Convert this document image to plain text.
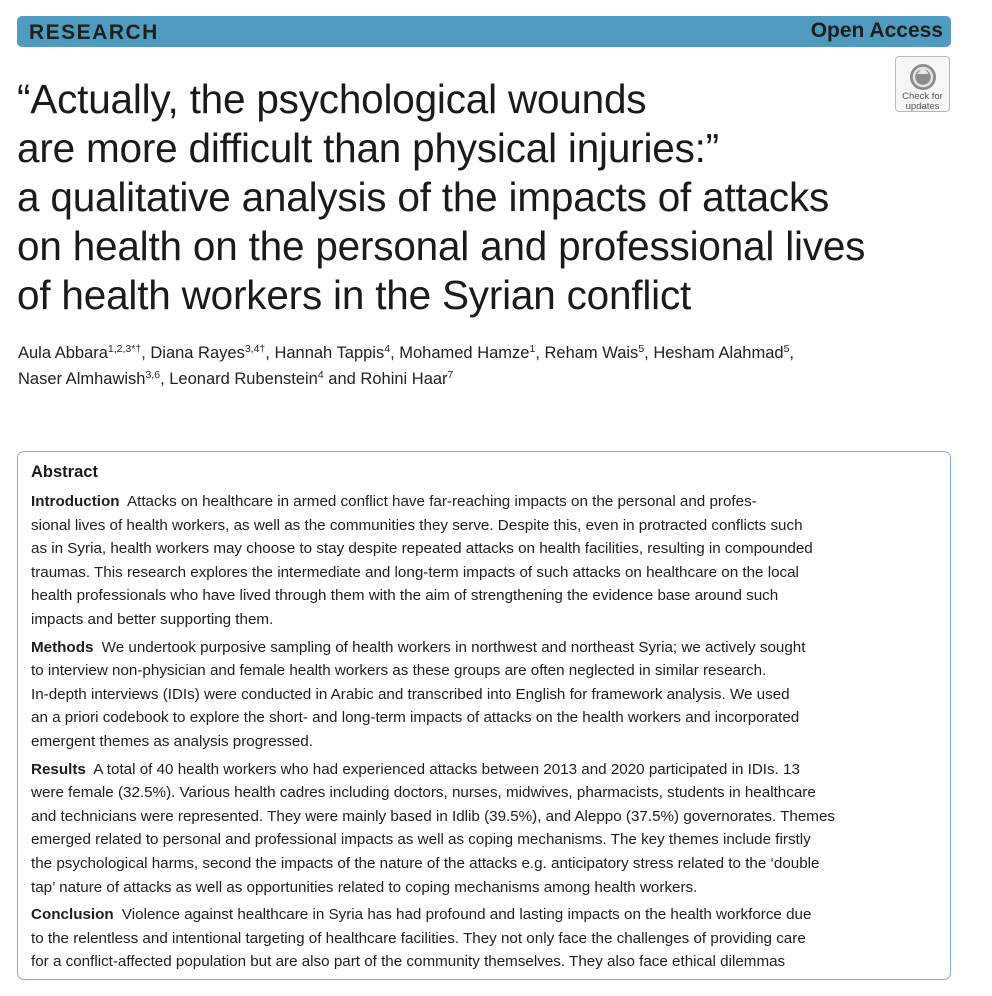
RESEARCH	Open Access
Check for
updates
“Actually, the psychological wounds
are more difficult than physical injuries:”
a qualitative analysis of the impacts of attacks
on health on the personal and professional lives
of health workers in the Syrian conflict
Aula Abbara$^{1,2,3*\dagger}$, Diana Rayes$^{3,4\dagger}$, Hannah Tappis$^4$, Mohamed Hamze$^1$, Reham Wais$^5$, Hesham Alahmad$^5$,
Naser Almhawish$^{3,6}$, Leonard Rubenstein$^4$ and Rohini Haar$^7$
Abstract
Introduction Attacks on healthcare in armed conflict have far-reaching impacts on the personal and profes-
sional lives of health workers, as well as the communities they serve. Despite this, even in protracted conflicts such
as in Syria, health workers may choose to stay despite repeated attacks on health facilities, resulting in compounded
traumas. This research explores the intermediate and long-term impacts of such attacks on healthcare on the local
health professionals who have lived through them with the aim of strengthening the evidence base around such
impacts and better supporting them.
Methods We undertook purposive sampling of health workers in northwest and northeast Syria; we actively sought
to interview non-physician and female health workers as these groups are often neglected in similar research.
In-depth interviews (IDIs) were conducted in Arabic and transcribed into English for framework analysis. We used
an a priori codebook to explore the short- and long-term impacts of attacks on the health workers and incorporated
emergent themes as analysis progressed.
Results A total of 40 health workers who had experienced attacks between 2013 and 2020 participated in IDIs. 13
were female (32.5%). Various health cadres including doctors, nurses, midwives, pharmacists, students in healthcare
and technicians were represented. They were mainly based in Idlib (39.5%), and Aleppo (37.5%) governorates. Themes
emerged related to personal and professional impacts as well as coping mechanisms. The key themes include firstly
the psychological harms, second the impacts of the nature of the attacks e.g. anticipatory stress related to the ‘double
tap’ nature of attacks as well as opportunities related to coping mechanisms among health workers.
Conclusion Violence against healthcare in Syria has had profound and lasting impacts on the health workforce due
to the relentless and intentional targeting of healthcare facilities. They not only face the challenges of providing care
for a conflict-affected population but are also part of the community themselves. They also face ethical dilemmas
